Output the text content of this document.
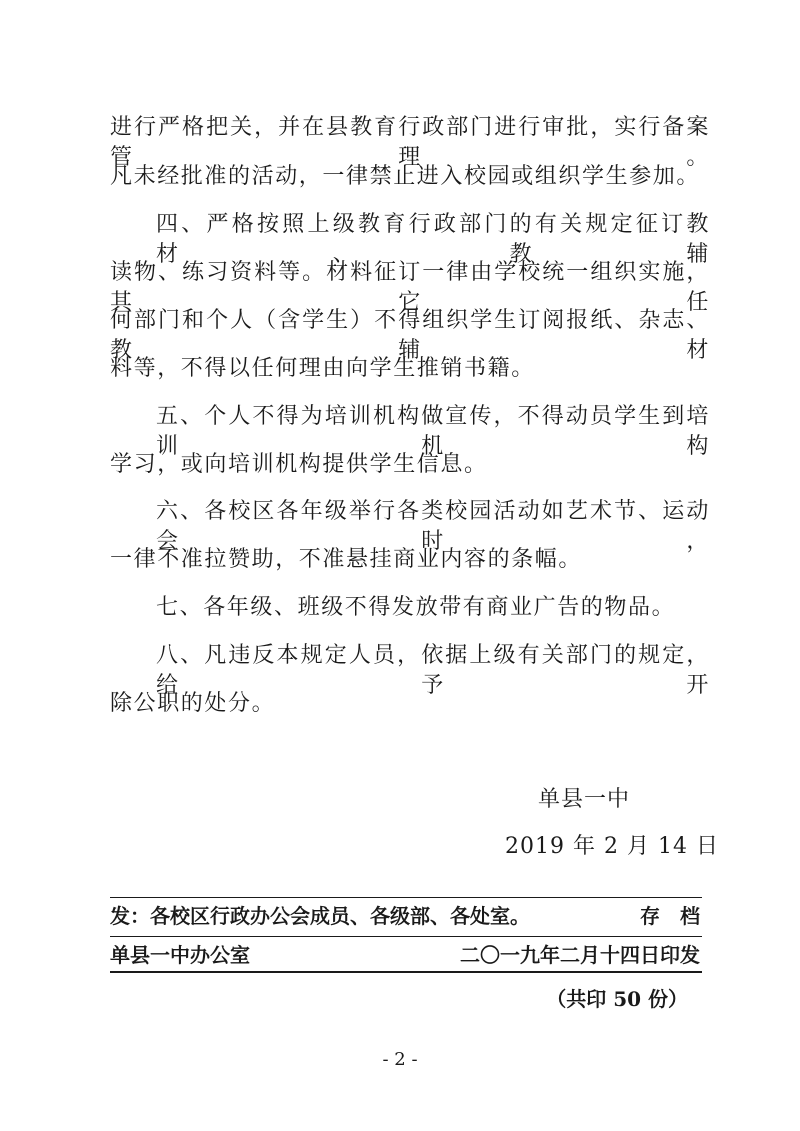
进行严格把关，并在县教育行政部门进行审批，实行备案管理。
凡未经批准的活动，一律禁止进入校园或组织学生参加。
四、严格按照上级教育行政部门的有关规定征订教材、教辅
读物、练习资料等。材料征订一律由学校统一组织实施，其它任
何部门和个人（含学生）不得组织学生订阅报纸、杂志、教辅材
料等，不得以任何理由向学生推销书籍。
五、个人不得为培训机构做宣传，不得动员学生到培训机构
学习，或向培训机构提供学生信息。
六、各校区各年级举行各类校园活动如艺术节、运动会时，
一律不准拉赞助，不准悬挂商业内容的条幅。
七、各年级、班级不得发放带有商业广告的物品。
八、凡违反本规定人员，依据上级有关部门的规定，给予开
除公职的处分。
单县一中
2019 年 2 月 14 日
发：各校区行政办公会成员、各级部、各处室。	存　档
单县一中办公室	二〇一九年二月十四日印发
（共印 50 份）
- 2 -
